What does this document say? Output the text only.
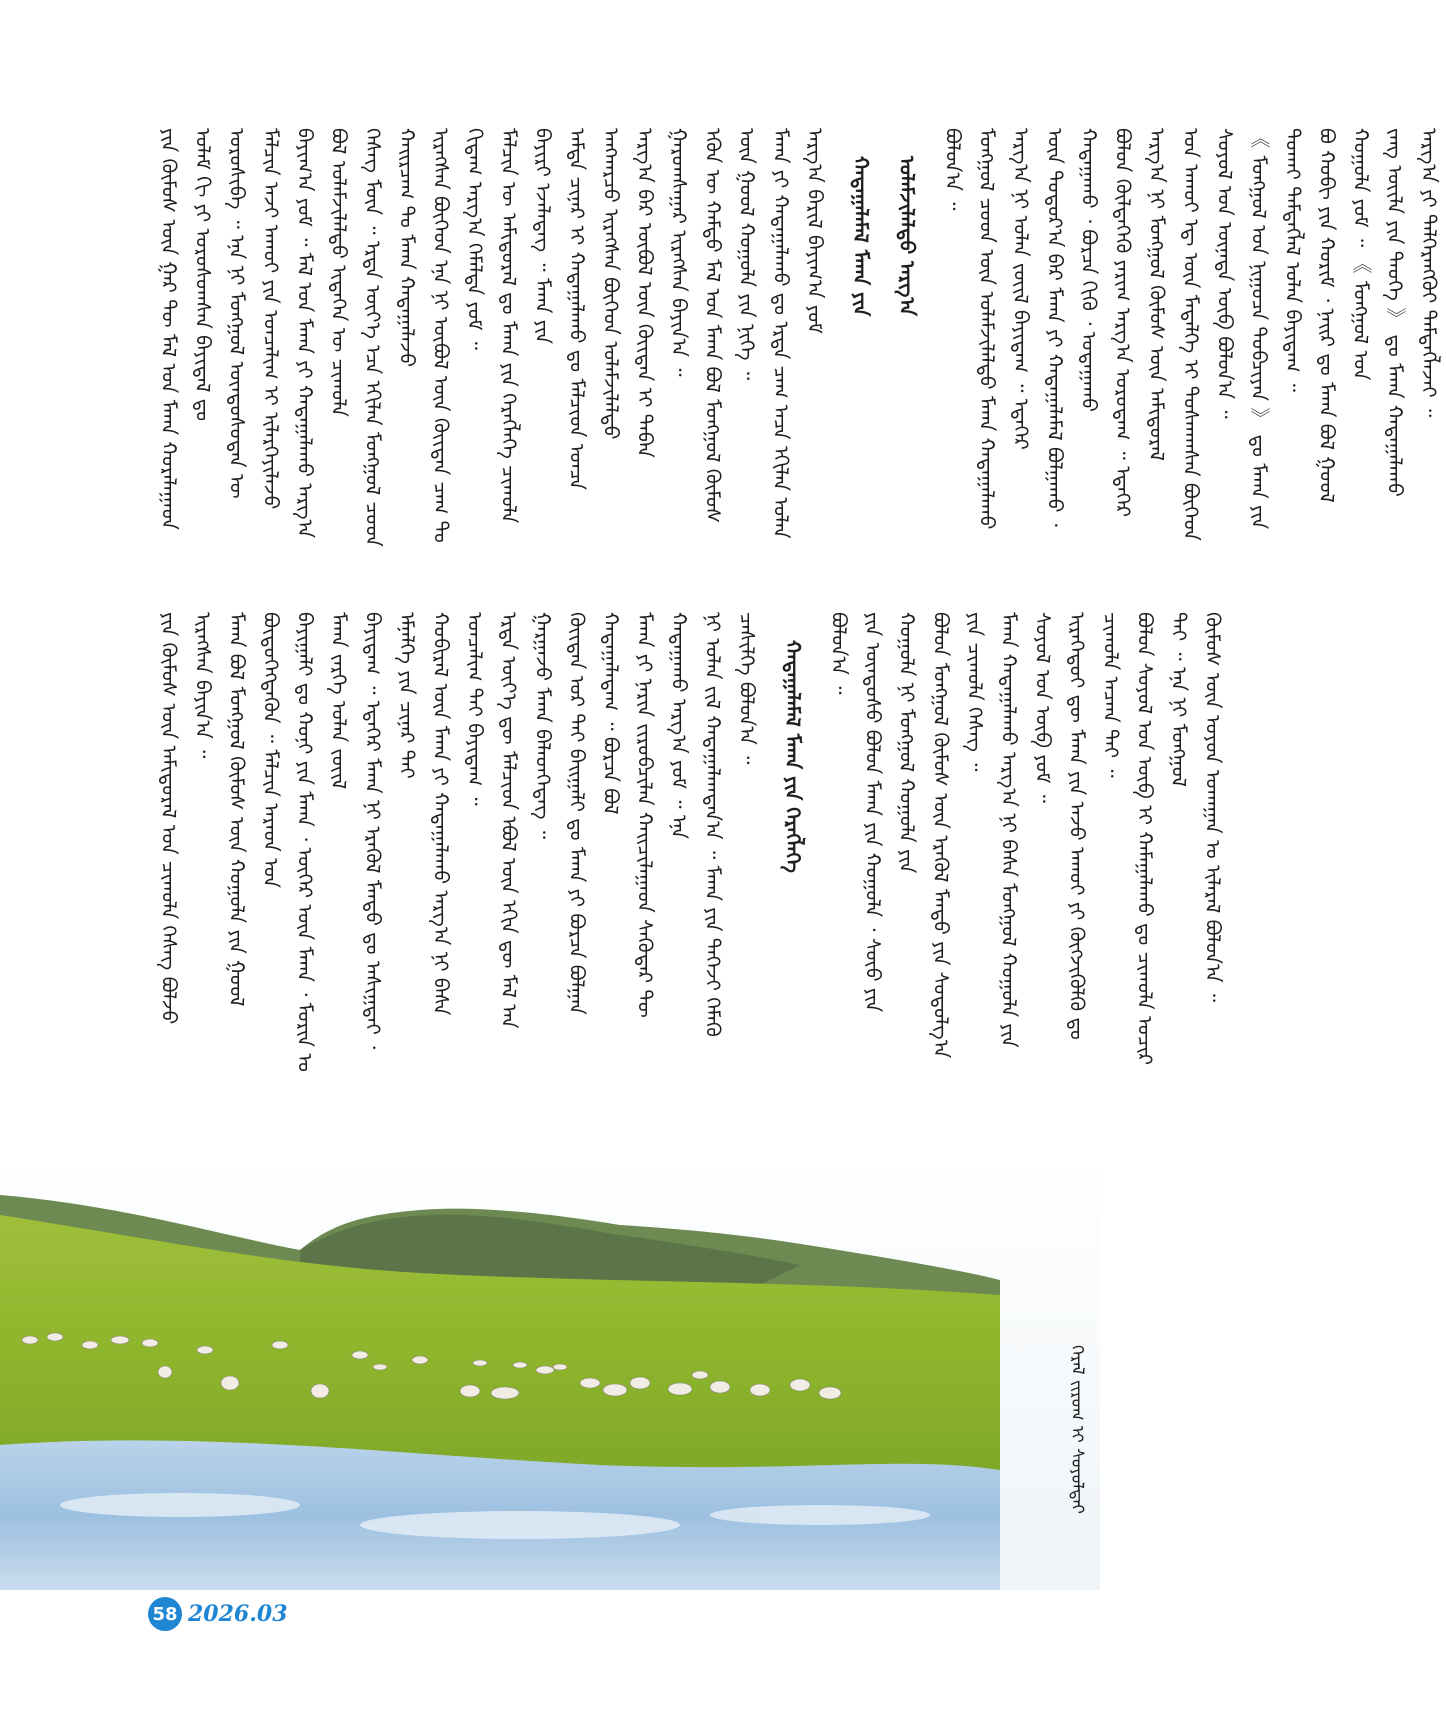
ᠶᠢᠨ ᠬᠦᠮᠦᠰ ᠦᠨ ᠭᠠᠷ ᠲᠦ ᠮᠠᠯ ᠤᠨ ᠮᠠᠬᠠ ᠬᠤᠷᠠᠯᠠᠭᠠᠳ ᠤᠯᠠᠮ ᠬᠢ ᠶᠢ ᠤᠷᠤᠰᠤᠭᠰᠠᠨ ᠪᠠᠶᠢᠳᠠᠯ ᠳᠤ ᠣᠷᠣᠰᠢᠪᠠ ᠃ ᠡᠨᠡ ᠨᠢ ᠮᠣᠩᠭᠣᠯ ᠦᠨᠳᠦᠰᠦᠲᠡᠨ ᠦ ᠮᠠᠯᠴᠢᠨ ᠠᠵᠢ ᠠᠬᠤᠢ ᠶᠢᠨ ᠣᠨᠴᠠᠯᠢᠭ ᠢ ᠢᠯᠡᠷᠬᠡᠶᠢᠯᠡᠵᠦ ᠪᠠᠶᠢᠭ᠎ᠠ ᠶᠤᠮ ᠃ ᠮᠠᠯ ᠤᠨ ᠮᠠᠬᠠ ᠶᠢ ᠬᠠᠳᠠᠭᠠᠯᠠᠬᠤ ᠠᠷᠭ᠎ᠠ ᠪᠣᠯ ᠤᠯᠠᠮᠵᠢᠯᠠᠯᠳᠤ ᠢᠳᠡᠭᠡᠨ ᠦ ᠴᠢᠬᠤᠯᠠ ᠬᠡᠰᠡᠭ ᠮᠥᠨ ᠃ ᠡᠷᠲᠡ ᠦᠶ᠎ᠡ ᠡᠴᠡ ᠡᠬᠢᠯᠡᠨ ᠮᠣᠩᠭᠣᠯ ᠴᠤᠳ ᠬᠠᠢᠷᠴᠠᠭ ᠲᠤ ᠮᠠᠬᠠ ᠬᠠᠳᠠᠭᠠᠯᠠᠵᠤ ᠢᠷᠡᠭᠰᠡᠨ ᠪᠥᠭᠡᠳ ᠡᠨᠡ ᠨᠢ ᠥᠪᠦᠯ ᠦᠨ ᠬᠦᠢᠲᠡᠨ ᠴᠠᠭ ᠲᠤ ᠬᠢᠳᠠᠭ ᠠᠷᠭ᠎ᠠ ᠬᠡᠮᠡᠯᠲᠡ ᠶᠤᠮ ᠃ ᠮᠠᠯᠴᠢᠨ ᠦ ᠠᠮᠢᠳᠤᠷᠠᠯ ᠳᠤ ᠮᠠᠬᠠ ᠶᠢᠨ ᠬᠡᠷᠡᠭᠯᠡᠭᠡ ᠴᠢᠬᠤᠯᠠ ᠪᠠᠶᠢᠷᠢ ᠡᠵᠡᠯᠡᠳᠡᠭ ᠃ ᠮᠠᠬᠠ ᠶᠢᠨ ᠠᠮᠲᠠ ᠴᠢᠨᠠᠷ ᠢ ᠬᠠᠳᠠᠭᠠᠯᠠᠬᠤ ᠳᠤ ᠮᠠᠯᠴᠢᠳ ᠣᠨᠴᠠ ᠠᠩᠬᠠᠷᠴᠤ ᠢᠷᠡᠭᠰᠡᠨ ᠪᠥᠭᠡᠳ ᠤᠯᠠᠮᠵᠢᠯᠠᠯᠳᠤ ᠠᠷᠭ᠎ᠠ ᠪᠠᠷ ᠥᠪᠦᠯ ᠦᠨ ᠬᠦᠢᠲᠡᠨ ᠢ ᠳᠠᠪᠠᠨ ᠭᠠᠷᠤᠭᠰᠠᠭᠠᠷ ᠢᠷᠡᠭᠰᠡᠨ ᠪᠠᠶᠢᠨ᠎ᠠ ᠃ ᠡᠭᠦᠨ ᠦ ᠬᠠᠮᠲᠤ ᠮᠠᠯ ᠤᠨ ᠮᠠᠬᠠ ᠪᠣᠯ ᠮᠣᠩᠭᠣᠯ ᠬᠦᠮᠦᠰ ᠦᠨ ᠭᠣᠣᠯ ᠬᠣᠭᠣᠯᠠ ᠶᠢᠨ ᠨᠢᠭᠡ ᠃ ᠮᠠᠬᠠ ᠶᠢ ᠬᠠᠳᠠᠭᠠᠯᠠᠬᠤ ᠳᠤ ᠡᠷᠲᠡ ᠴᠠᠭ ᠠᠴᠠ ᠡᠬᠢᠯᠡᠨ ᠣᠯᠠᠨ ᠠᠷᠭ᠎ᠠ ᠪᠠᠷᠢᠯ ᠪᠠᠶᠢᠭ᠎ᠠ ᠶᠤᠮ ᠬᠠᠳᠠᠭᠠᠯᠠᠮᠠᠯ ᠮᠠᠬᠠ ᠶᠢᠨ ᠤᠯᠠᠮᠵᠢᠯᠠᠯᠳᠤ ᠠᠷᠭ᠎ᠠ ᠪᠣᠯᠤᠨ᠎ᠠ ᠃ ᠮᠣᠩᠭᠣᠯ ᠴᠤᠳ ᠦᠨ ᠤᠯᠠᠮᠵᠢᠯᠠᠯᠳᠤ ᠮᠠᠬᠠ ᠬᠠᠳᠠᠭᠠᠯᠠᠬᠤ ᠠᠷᠭ᠎ᠠ ᠨᠢ ᠣᠯᠠᠨ ᠵᠦᠢᠯ ᠪᠠᠶᠢᠳᠠᠭ ᠃ ᠡᠳᠡᠭᠡᠷ ᠦᠨ ᠳᠣᠲᠣᠷ᠎ᠠ ᠪᠠᠷ ᠮᠠᠬᠠ ᠶᠢ ᠬᠠᠳᠠᠭᠠᠯᠠᠮᠠᠯ ᠪᠣᠯᠭᠠᠬᠤ ᠂ ᠬᠠᠲᠠᠭᠠᠬᠤ ᠂ ᠪᠣᠷᠴᠠ ᠬᠢᠬᠦ ᠂ ᠤᠲᠠᠭᠠᠬᠤ ᠪᠤᠯᠤᠨ ᠬᠥᠯᠳᠡᠭᠡᠬᠦ ᠶᠠᠷᠢᠭ ᠠᠷᠭ᠎ᠠ ᠣᠷᠣᠳᠠᠭ ᠃ ᠡᠳᠡᠭᠡᠷ ᠠᠷᠭ᠎ᠠ ᠨᠢ ᠮᠣᠩᠭᠣᠯ ᠬᠦᠮᠦᠰ ᠦᠨ ᠠᠮᠢᠳᠤᠷᠠᠯ ᠤᠨ ᠠᠬᠤᠢ ᠡᠳ᠋ ᠦᠨ ᠮᠡᠳᠡᠯᠭᠡ ᠢ ᠲᠤᠰᠬᠠᠭᠰᠠᠨ ᠪᠥᠭᠡᠳ ᠰᠣᠶᠣᠯ ᠤᠨ ᠦᠨᠡᠲᠡ ᠥᠪ ᠪᠣᠯᠤᠨ᠎ᠠ ᠃ 《 ᠮᠣᠩᠭᠣᠯ ᠤᠨ ᠨᠢᠭᠤᠴᠠ ᠲᠣᠪᠴᠢᠶᠠᠨ 》 ᠳᠤ ᠮᠠᠬᠠ ᠶᠢᠨ ᠲᠤᠬᠠᠢ ᠲᠡᠮᠳᠡᠭᠯᠡᠯ ᠣᠯᠠᠨ ᠪᠠᠶᠢᠳᠠᠭ ᠃ ᠪᠣ ᠬᠤᠪᠢ ᠶᠢᠨ ᠬᠤᠷᠢᠮ ᠂ ᠨᠠᠢᠷ ᠳᠤ ᠮᠠᠬᠠ ᠪᠣᠯ ᠭᠣᠣᠯ ᠬᠣᠭᠣᠯᠠ ᠶᠤᠮ ᠃ 《 ᠮᠣᠩᠭᠣᠯ ᠤᠨ ᠵᠠᠩ ᠦᠢᠯᠡ ᠶᠢᠨ ᠲᠡᠦᠬᠡ 》 ᠳᠤ ᠮᠠᠬᠠ ᠬᠠᠳᠠᠭᠠᠯᠠᠬᠤ ᠠᠷᠭ᠎ᠠ ᠶᠢ ᠳᠡᠯᠭᠡᠷᠡᠩᠭᠦᠢ ᠲᠡᠮᠳᠡᠭᠯᠡᠵᠡᠢ ᠃
ᠶᠢᠨ ᠬᠦᠮᠦᠰ ᠦᠨ ᠠᠮᠢᠳᠤᠷᠠᠯ ᠤᠨ ᠴᠢᠬᠤᠯᠠ ᠬᠡᠰᠡᠭ ᠪᠣᠯᠵᠤ ᠢᠷᠡᠭᠰᠡᠨ ᠪᠠᠶᠢᠨ᠎ᠠ ᠃ ᠮᠠᠬᠠ ᠪᠣᠯ ᠮᠣᠩᠭᠣᠯ ᠬᠦᠮᠦᠰ ᠦᠨ ᠬᠣᠭᠣᠯᠠ ᠶᠢᠨ ᠭᠣᠣᠯ ᠪᠦᠲᠦᠭᠡᠭᠳᠡᠬᠦᠨ ᠃ ᠮᠠᠯᠴᠢᠨ ᠠᠷᠠᠳ ᠤᠨ ᠪᠠᠶᠢᠭᠠᠯᠢ ᠳᠤ ᠬᠣᠨᠢ ᠶᠢᠨ ᠮᠠᠬᠠ ᠂ ᠦᠬᠡᠷ ᠦᠨ ᠮᠠᠬᠠ ᠂ ᠮᠣᠷᠢᠨ ᠤ ᠮᠠᠬᠠ ᠵᠡᠷᠭᠡ ᠣᠯᠠᠨ ᠵᠦᠢᠯ ᠪᠠᠶᠢᠳᠠᠭ ᠃ ᠡᠳᠡᠭᠡᠷ ᠮᠠᠬᠠ ᠨᠢ ᠡᠷᠡᠭᠦᠯ ᠮᠡᠨᠳᠦ ᠳᠤ ᠠᠰᠢᠭ᠋ᠲᠠᠢ ᠂ ᠡᠮᠨᠡᠯᠭᠡ ᠶᠢᠨ ᠴᠢᠨᠠᠷ ᠲᠠᠢ ᠬᠤᠪᠢᠷᠠᠯ ᠦᠨ ᠮᠠᠬᠠ ᠶᠢ ᠬᠠᠳᠠᠭᠠᠯᠠᠬᠤ ᠠᠷᠭ᠎ᠠ ᠨᠢ ᠪᠠᠰᠠ ᠣᠨᠴᠠᠯᠢᠭ ᠲᠠᠢ ᠪᠠᠶᠢᠳᠠᠭ ᠃ ᠡᠷᠲᠡ ᠦᠶ᠎ᠡ ᠳᠦ ᠮᠠᠯᠴᠢᠳ ᠡᠪᠦᠯ ᠦᠨ ᠡᠬᠢᠨ ᠳᠦ ᠮᠠᠯ ᠠᠨ ᠭᠠᠷᠭᠠᠵᠤ ᠮᠠᠬᠠ ᠪᠡᠯᠡᠳᠬᠡᠳᠡᠭ ᠃ ᠬᠦᠢᠲᠡᠨ ᠤᠷ ᠲᠠᠢ ᠪᠠᠢᠭᠠᠯᠢ ᠳᠤ ᠮᠠᠬᠠ ᠶᠢ ᠪᠣᠷᠴᠠ ᠪᠣᠯᠭᠠᠨ ᠬᠠᠳᠠᠭᠠᠯᠠᠳᠠᠭ ᠃ ᠪᠣᠷᠴᠠ ᠪᠣᠯ ᠮᠠᠬᠠ ᠶᠢ ᠨᠠᠷᠢᠨ ᠵᠢᠷᠤᠪᠴᠢᠯᠠᠨ ᠬᠠᠢᠴᠢᠯᠠᠭᠠᠳ ᠰᠡᠭᠦᠳᠡᠷ ᠲᠦ ᠬᠠᠲᠠᠭᠠᠬᠤ ᠠᠷᠭ᠎ᠠ ᠶᠤᠮ ᠃ ᠡᠨᠡ ᠨᠢ ᠣᠯᠠᠨ ᠵᠢᠯ ᠬᠠᠳᠠᠭᠠᠯᠠᠭᠳᠠᠨ᠎ᠠ ᠃ ᠮᠠᠬᠠ ᠶᠢᠨ ᠳᠡᠭᠡᠵᠢ ᠬᠡᠮᠡᠬᠦ ᠴᠡᠰᠢᠯᠭᠡ ᠪᠣᠯᠤᠨ᠎ᠠ ᠃ ᠬᠠᠳᠠᠭᠠᠯᠠᠮᠠᠯ ᠮᠠᠬᠠ ᠶᠢᠨ ᠬᠡᠷᠡᠭᠯᠡᠭᠡ ᠪᠣᠯᠤᠨ᠎ᠠ ᠃ ᠶᠢᠨ ᠦᠨᠳᠦᠰᠦ ᠪᠣᠯᠤᠨ ᠮᠠᠬᠠ ᠶᠢᠨ ᠬᠣᠭᠣᠯᠠ ᠂ ᠰᠦᠦ ᠶᠢᠨ ᠬᠣᠭᠣᠯᠠ ᠨᠢ ᠮᠣᠩᠭᠣᠯ ᠬᠣᠭᠣᠯᠠ ᠶᠢᠨ ᠪᠣᠯᠤᠨ ᠮᠣᠩᠭᠣᠯ ᠬᠦᠮᠦᠰ ᠦᠨ ᠡᠷᠡᠭᠦᠯ ᠮᠡᠨᠳᠦ ᠶᠢᠨ ᠰᠤᠳᠤᠯᠭ᠎ᠠ ᠶᠢᠨ ᠴᠢᠬᠤᠯᠠ ᠬᠡᠰᠡᠭ ᠃ ᠮᠠᠬᠠ ᠬᠠᠳᠠᠭᠠᠯᠠᠬᠤ ᠠᠷᠭ᠎ᠠ ᠨᠢ ᠪᠠᠰᠠ ᠮᠣᠩᠭᠣᠯ ᠬᠣᠭᠣᠯᠠ ᠶᠢᠨ ᠰᠣᠶᠣᠯ ᠤᠨ ᠥᠪ ᠶᠤᠮ ᠃ ᠢᠷᠡᠭᠡᠳᠦᠢ ᠳᠦ ᠮᠠᠬᠠ ᠶᠢᠨ ᠠᠵᠤ ᠠᠬᠤᠢ ᠶᠢ ᠬᠥᠭᠵᠢᠭᠦᠯᠬᠦ ᠳᠤ ᠴᠢᠬᠤᠯᠠ ᠠᠴᠬᠠ ᠲᠠᠢ ᠃ ᠪᠣᠯᠤᠨ ᠰᠣᠶᠣᠯ ᠤᠨ ᠥᠪ ᠢ ᠬᠠᠮᠠᠭᠠᠯᠠᠬᠤ ᠳᠤ ᠴᠢᠬᠤᠯᠠ ᠤᠴᠢᠷ ᠲᠠᠢ ᠃ ᠡᠨᠡ ᠨᠢ ᠮᠣᠩᠭᠣᠯ ᠬᠦᠮᠦᠰ ᠦᠨ ᠣᠶᠤᠨ ᠤᠬᠠᠭᠠᠨ ᠤ ᠢᠯᠡᠷᠡᠯ ᠪᠣᠯᠤᠨ᠎ᠠ ᠃
ᠭᠡᠷᠡᠯ ᠵᠢᠷᠤᠭ ᠢ ᠰᠣᠶᠣᠯᠳᠠᠢ
58 2026.03
